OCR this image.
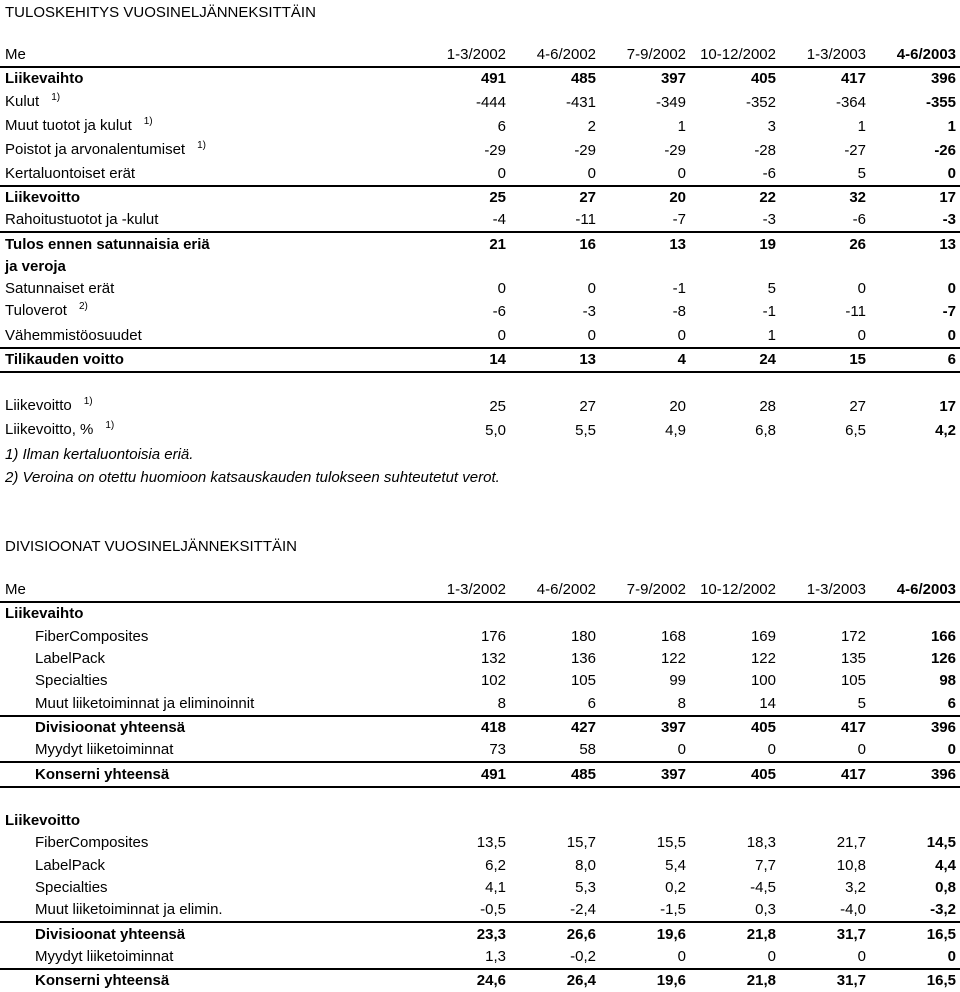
TULOSKEHITYS VUOSINELJÄNNEKSITTÄIN
Me	1-3/2002	4-6/2002	7-9/2002	10-12/2002	1-3/2003	4-6/2003
Liikevaihto	491	485	397	405	417	396
Kulut $^{1)}$	-444	-431	-349	-352	-364	-355
Muut tuotot ja kulut $^{1)}$	6	2	1	3	1	1
Poistot ja arvonalentumiset $^{1)}$	-29	-29	-29	-28	-27	-26
Kertaluontoiset erät	0	0	0	-6	5	0
Liikevoitto	25	27	20	22	32	17
Rahoitustuotot ja -kulut	-4	-11	-7	-3	-6	-3
Tulos ennen satunnaisia eriä	21	16	13	19	26	13
ja veroja						
Satunnaiset erät	0	0	-1	5	0	0
Tuloverot $^{2)}$	-6	-3	-8	-1	-11	-7
Vähemmistöosuudet	0	0	0	1	0	0
Tilikauden voitto	14	13	4	24	15	6

Liikevoitto $^{1)}$	25	27	20	28	27	17
Liikevoitto, % $^{1)}$	5,0	5,5	4,9	6,8	6,5	4,2
1) Ilman kertaluontoisia eriä.
2) Veroina on otettu huomioon katsauskauden tulokseen suhteutetut verot.
DIVISIOONAT VUOSINELJÄNNEKSITTÄIN
Me	1-3/2002	4-6/2002	7-9/2002	10-12/2002	1-3/2003	4-6/2003
Liikevaihto						
FiberComposites	176	180	168	169	172	166
LabelPack	132	136	122	122	135	126
Specialties	102	105	99	100	105	98
Muut liiketoiminnat ja eliminoinnit	8	6	8	14	5	6
Divisioonat yhteensä	418	427	397	405	417	396
Myydyt liiketoiminnat	73	58	0	0	0	0
Konserni yhteensä	491	485	397	405	417	396

Liikevoitto						
FiberComposites	13,5	15,7	15,5	18,3	21,7	14,5
LabelPack	6,2	8,0	5,4	7,7	10,8	4,4
Specialties	4,1	5,3	0,2	-4,5	3,2	0,8
Muut liiketoiminnat ja elimin.	-0,5	-2,4	-1,5	0,3	-4,0	-3,2
Divisioonat yhteensä	23,3	26,6	19,6	21,8	31,7	16,5
Myydyt liiketoiminnat	1,3	-0,2	0	0	0	0
Konserni yhteensä	24,6	26,4	19,6	21,8	31,7	16,5
